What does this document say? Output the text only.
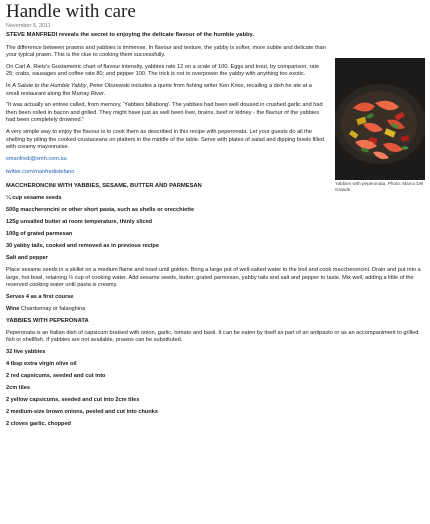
Handle with care
November 5, 2011

STEVE MANFREDI reveals the secret to enjoying the delicate flavour of the humble yabby.

The difference between prawns and yabbies is immense. In flavour and texture, the yabby is softer, more subtle and delicate than your typical prawn. This is the clue to cooking them successfully.

On Carl A. Rietz's Gustametric chart of flavour intensity, yabbies rate 12 on a scale of 100. Eggs and trout, by comparison, rate 25; crabs, sausages and coffee rate 80; and pepper 100. The trick is not to overpower the yabby with anything too exotic.

In A Salute to the Humble Yabby, Peter Olszewski includes a quote from fishing writer Ken Knox, recalling a dish he ate at a small restaurant along the Murray River.

"It was actually an entree called, from memory, 'Yabbies billabong'. The yabbies had been well doused in crushed garlic and had then been rolled in bacon and grilled. They might have just as well been liver, brains, beef or kidney - the flavour of the yabbies had been completely drowned."

A very simple way to enjoy the flavour is to cook them as described in this recipe with peperonata. Let your guests do all the shelling by piling the cooked crustaceans on platters in the middle of the table. Serve with plates of salad and dipping bowls filled with creamy mayonnaise.

smanfredi@smh.com.au
twitter.com/manfredistefano
MACCHERONCINI WITH YABBIES, SESAME, BUTTER AND PARMESAN
¼ cup sesame seeds
500g maccheroncini or other short pasta, such as shells or orecchiette
125g unsalted butter at room temperature, thinly sliced
100g of grated parmesan
30 yabby tails, cooked and removed as in previous recipe
Salt and pepper

Place sesame seeds in a skillet on a medium flame and toast until golden. Bring a large pot of well-salted water to the boil and cook maccheroncini. Drain and put into a large, hot bowl, retaining ½ cup of cooking water. Add sesame seeds, butter, grated parmesan, yabby tails and salt and pepper to taste. Mix well, adding a little of the reserved cooking water until pasta is creamy.

Serves 4 as a first course
Wine Chardonnay or falanghina
YABBIES WITH PEPERONATA

Peperonata is an Italian dish of capsicum braised with onion, garlic, tomato and basil. It can be eaten by itself as part of an antipasto or as an accompaniment to grilled fish or shellfish. If yabbies are not available, prawns can be substituted.

32 live yabbies
4 tbsp extra virgin olive oil
2 red capsicums, seeded and cut into
2cm tiles
2 yellow capsicums, seeded and cut into 2cm tiles
2 medium-size brown onions, peeled and cut into chunks
2 cloves garlic, chopped
Yabbies with peperonata. Photo: Marco Del Grande
